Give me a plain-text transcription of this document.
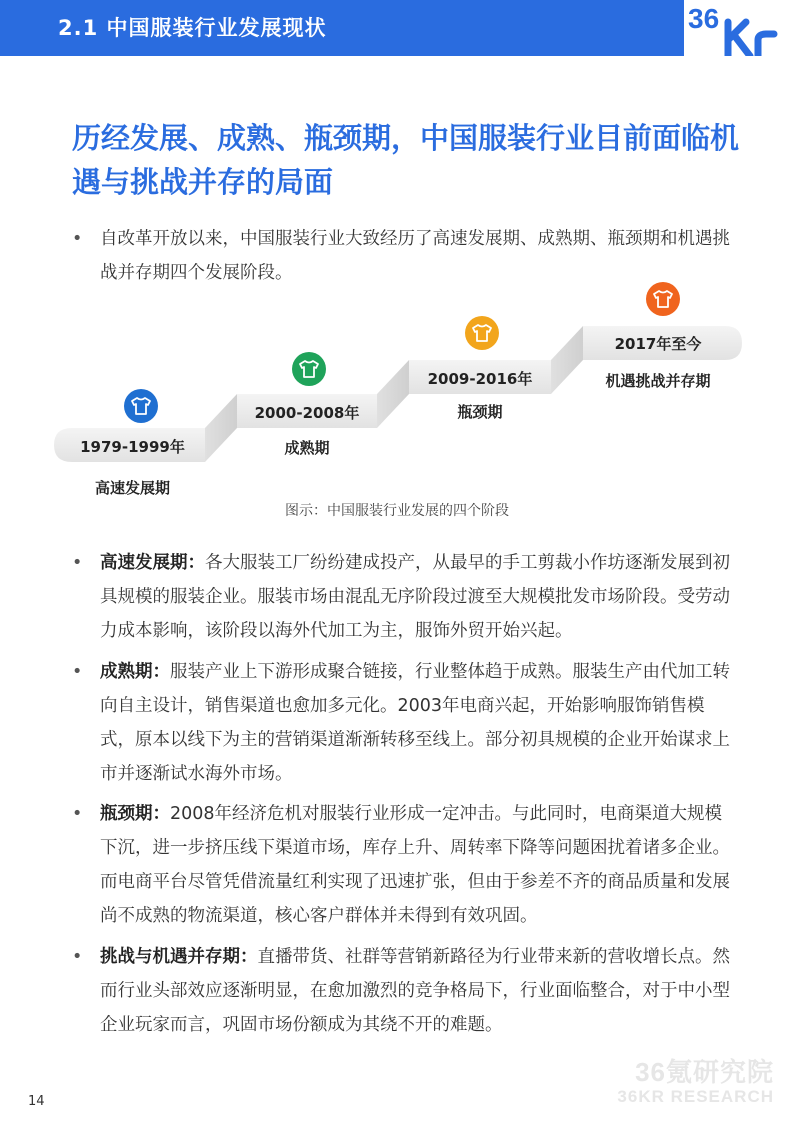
2.1 中国服装行业发展现状	36
历经发展、成熟、瓶颈期，中国服装行业目前面临机遇与挑战并存的局面
•	自改革开放以来，中国服装行业大致经历了高速发展期、成熟期、瓶颈期和机遇挑战并存期四个发展阶段。
1979-1999年
2000-2008年
2009-2016年
2017年至今
高速发展期
成熟期
瓶颈期
机遇挑战并存期
图示：中国服装行业发展的四个阶段
•	高速发展期：各大服装工厂纷纷建成投产，从最早的手工剪裁小作坊逐渐发展到初具规模的服装企业。服装市场由混乱无序阶段过渡至大规模批发市场阶段。受劳动力成本影响，该阶段以海外代加工为主，服饰外贸开始兴起。
•	成熟期：服装产业上下游形成聚合链接，行业整体趋于成熟。服装生产由代加工转向自主设计，销售渠道也愈加多元化。2003年电商兴起，开始影响服饰销售模式，原本以线下为主的营销渠道渐渐转移至线上。部分初具规模的企业开始谋求上市并逐渐试水海外市场。
•	瓶颈期：2008年经济危机对服装行业形成一定冲击。与此同时，电商渠道大规模下沉，进一步挤压线下渠道市场，库存上升、周转率下降等问题困扰着诸多企业。而电商平台尽管凭借流量红利实现了迅速扩张，但由于参差不齐的商品质量和发展尚不成熟的物流渠道，核心客户群体并未得到有效巩固。
•	挑战与机遇并存期：直播带货、社群等营销新路径为行业带来新的营收增长点。然而行业头部效应逐渐明显，在愈加激烈的竞争格局下，行业面临整合，对于中小型企业玩家而言，巩固市场份额成为其绕不开的难题。
14
36氪研究院
36KR RESEARCH
